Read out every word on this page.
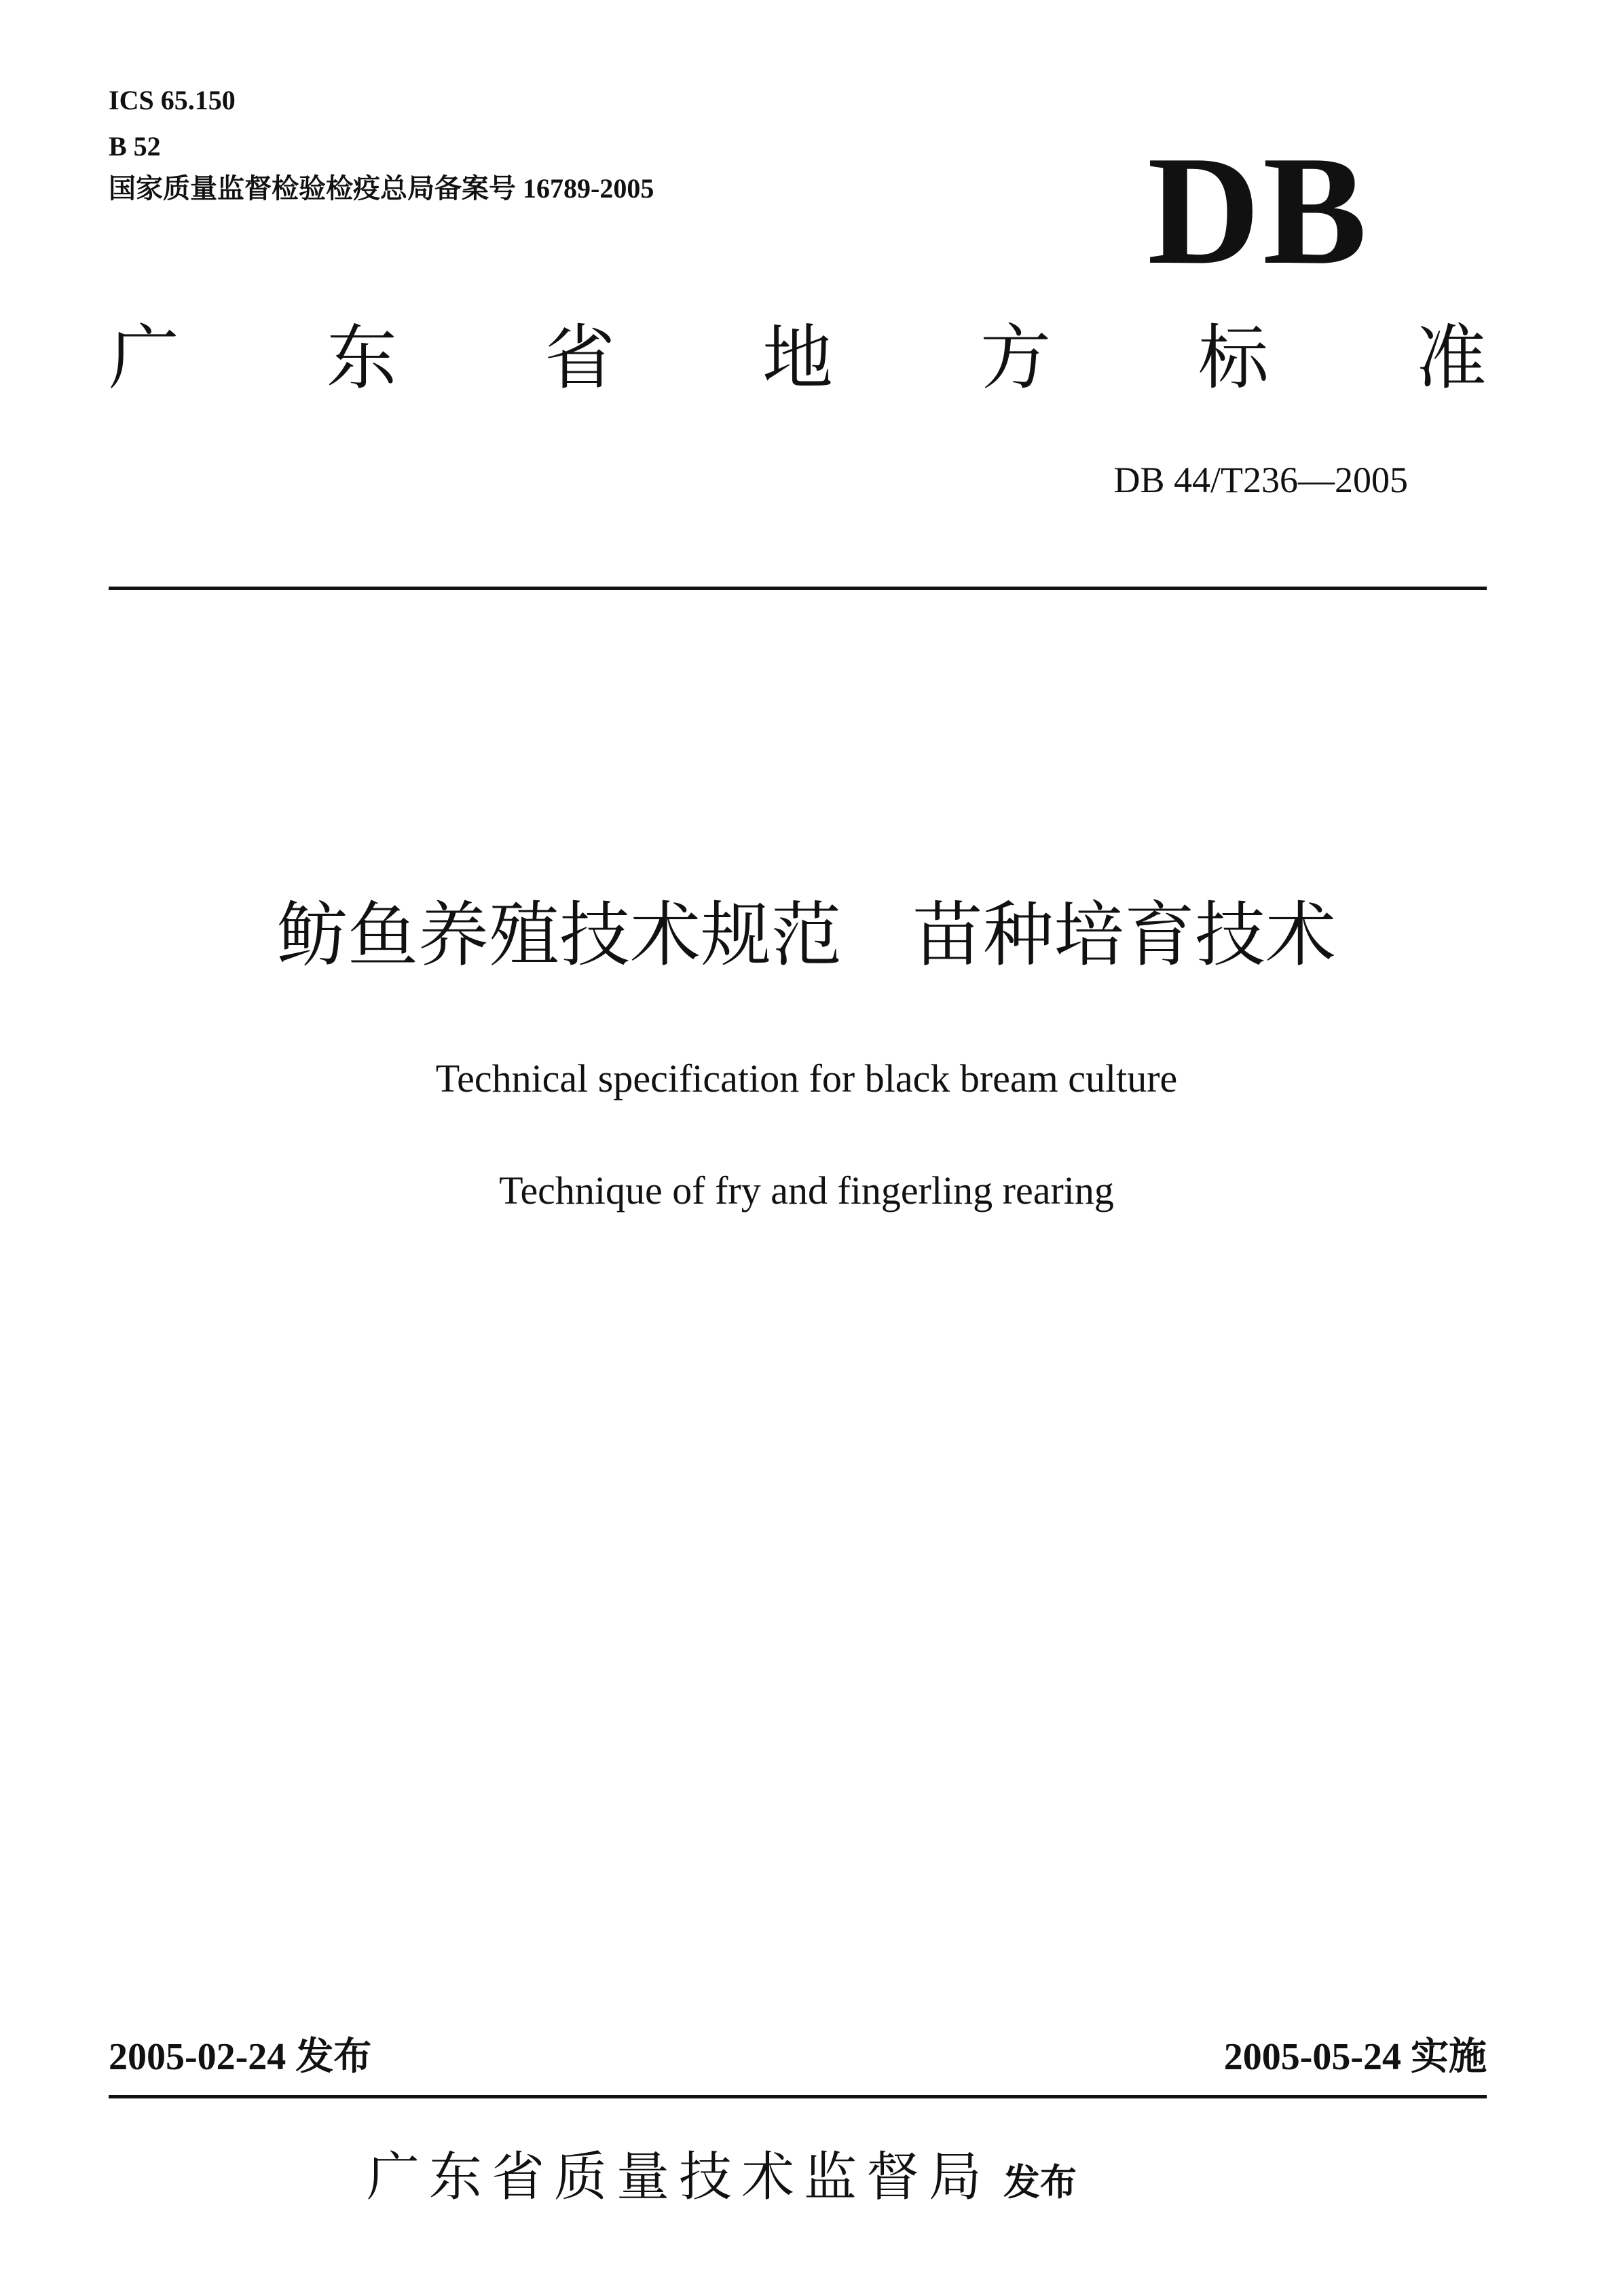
ICS 65.150
B 52
国家质量监督检验检疫总局备案号 16789-2005	DB
广 东 省 地 方 标 准
DB 44/T236—2005
鲂鱼养殖技术规范　苗种培育技术
Technical specification for black bream culture
Technique of fry and fingerling rearing
2005-02-24 发布	2005-05-24 实施
广东省质量技术监督局 发布
